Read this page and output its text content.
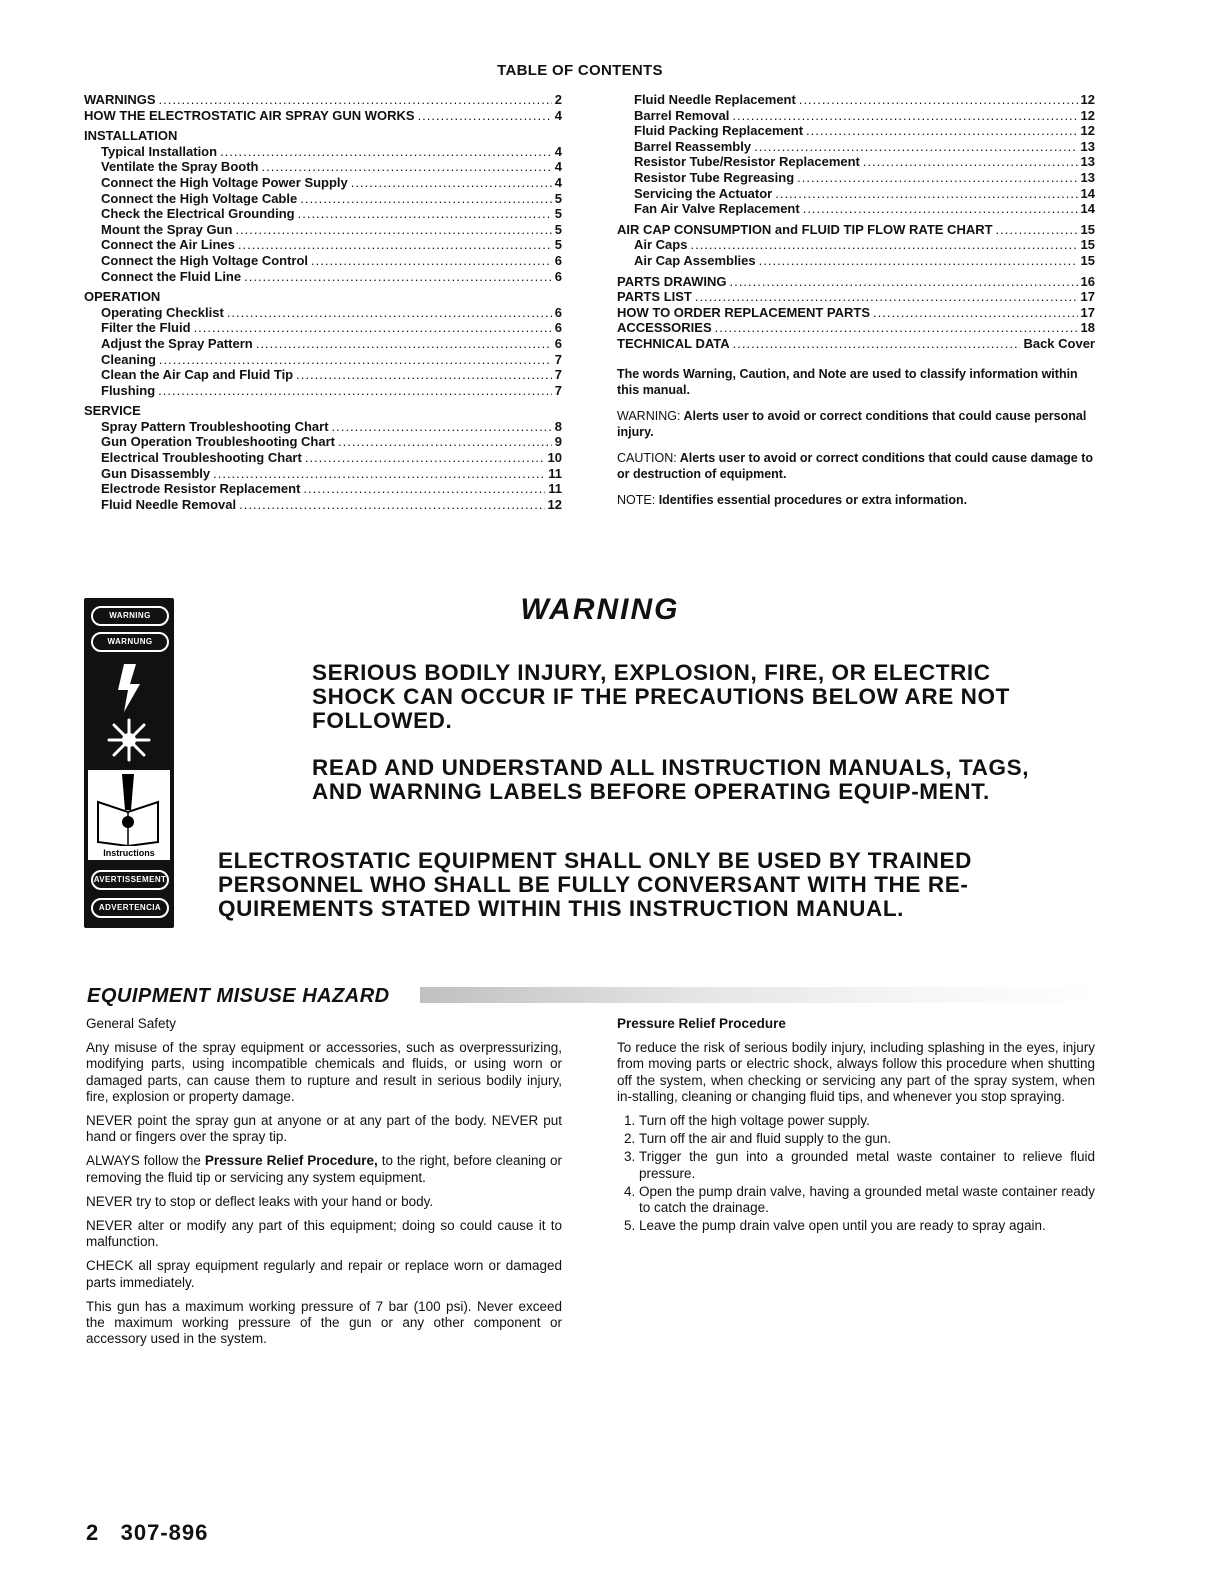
TABLE OF CONTENTS
WARNINGS .....	2
HOW THE ELECTROSTATIC AIR SPRAY GUN WORKS .....	4
INSTALLATION
Typical Installation .....	4
Ventilate the Spray Booth .....	4
Connect the High Voltage Power Supply .....	4
Connect the High Voltage Cable .....	5
Check the Electrical Grounding .....	5
Mount the Spray Gun .....	5
Connect the Air Lines .....	5
Connect the High Voltage Control .....	6
Connect the Fluid Line .....	6
OPERATION
Operating Checklist .....	6
Filter the Fluid .....	6
Adjust the Spray Pattern .....	6
Cleaning .....	7
Clean the Air Cap and Fluid Tip .....	7
Flushing .....	7
SERVICE
Spray Pattern Troubleshooting Chart .....	8
Gun Operation Troubleshooting Chart .....	9
Electrical Troubleshooting Chart .....	10
Gun Disassembly .....	11
Electrode Resistor Replacement .....	11
Fluid Needle Removal .....	12
Fluid Needle Replacement .....	12
Barrel Removal .....	12
Fluid Packing Replacement .....	12
Barrel Reassembly .....	13
Resistor Tube/Resistor Replacement .....	13
Resistor Tube Regreasing .....	13
Servicing the Actuator .....	14
Fan Air Valve Replacement .....	14
AIR CAP CONSUMPTION and FLUID TIP FLOW RATE CHART .....	15
Air Caps .....	15
Air Cap Assemblies .....	15
PARTS DRAWING .....	16
PARTS LIST .....	17
HOW TO ORDER REPLACEMENT PARTS .....	17
ACCESSORIES .....	18
TECHNICAL DATA .....	Back Cover

The words Warning, Caution, and Note are used to classify information within this manual.

WARNING: Alerts user to avoid or correct conditions that could cause personal injury.

CAUTION: Alerts user to avoid or correct conditions that could cause damage to or destruction of equipment.

NOTE: Identifies essential procedures or extra information.

WARNING
WARNUNG
Instructions
AVERTISSEMENT
ADVERTENCIA
WARNING
SERIOUS BODILY INJURY, EXPLOSION, FIRE, OR ELECTRIC SHOCK CAN OCCUR IF THE PRECAUTIONS BELOW ARE NOT FOLLOWED.
READ AND UNDERSTAND ALL INSTRUCTION MANUALS, TAGS, AND WARNING LABELS BEFORE OPERATING EQUIP-MENT.
ELECTROSTATIC EQUIPMENT SHALL ONLY BE USED BY TRAINED PERSONNEL WHO SHALL BE FULLY CONVERSANT WITH THE RE-QUIREMENTS STATED WITHIN THIS INSTRUCTION MANUAL.
EQUIPMENT MISUSE HAZARD
General Safety

Any misuse of the spray equipment or accessories, such as overpressurizing, modifying parts, using incompatible chemicals and fluids, or using worn or damaged parts, can cause them to rupture and result in serious bodily injury, fire, explosion or property damage.

NEVER point the spray gun at anyone or at any part of the body. NEVER put hand or fingers over the spray tip.

ALWAYS follow the Pressure Relief Procedure, to the right, before cleaning or removing the fluid tip or servicing any system equipment.

NEVER try to stop or deflect leaks with your hand or body.

NEVER alter or modify any part of this equipment; doing so could cause it to malfunction.

CHECK all spray equipment regularly and repair or replace worn or damaged parts immediately.

This gun has a maximum working pressure of 7 bar (100 psi). Never exceed the maximum working pressure of the gun or any other component or accessory used in the system.

Pressure Relief Procedure

To reduce the risk of serious bodily injury, including splashing in the eyes, injury from moving parts or electric shock, always follow this procedure when shutting off the system, when checking or servicing any part of the spray system, when in-stalling, cleaning or changing fluid tips, and whenever you stop spraying.

1. Turn off the high voltage power supply.
2. Turn off the air and fluid supply to the gun.
3. Trigger the gun into a grounded metal waste container to relieve fluid pressure.
4. Open the pump drain valve, having a grounded metal waste container ready to catch the drainage.
5. Leave the pump drain valve open until you are ready to spray again.
2 307-896
